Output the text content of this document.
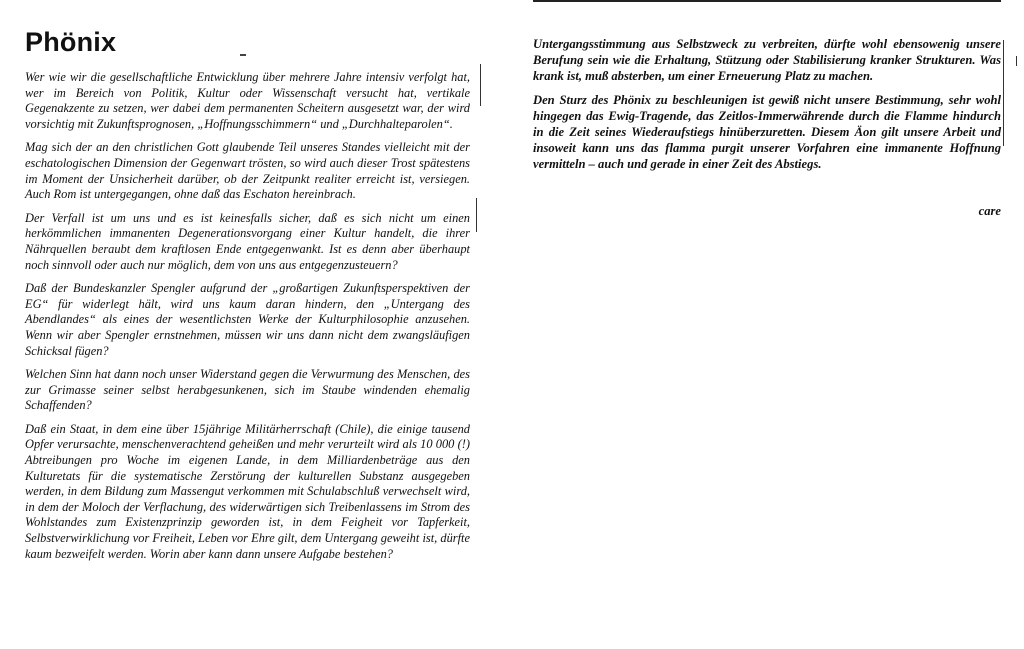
Phönix

Wer wie wir die gesellschaftliche Entwicklung über mehrere Jahre intensiv verfolgt hat, wer im Bereich von Politik, Kultur oder Wissenschaft versucht hat, vertikale Gegenakzente zu setzen, wer dabei dem permanenten Scheitern ausgesetzt war, der wird vorsichtig mit Zukunftsprognosen, „Hoffnungsschimmern“ und „Durchhalteparolen“.

Mag sich der an den christlichen Gott glaubende Teil unseres Standes vielleicht mit der eschatologischen Dimension der Gegenwart trösten, so wird auch dieser Trost spätestens im Moment der Unsicherheit darüber, ob der Zeitpunkt realiter erreicht ist, versiegen. Auch Rom ist untergegangen, ohne daß das Eschaton hereinbrach.

Der Verfall ist um uns und es ist keinesfalls sicher, daß es sich nicht um einen herkömmlichen immanenten Degenerationsvorgang einer Kultur handelt, die ihrer Nährquellen beraubt dem kraftlosen Ende entgegenwankt. Ist es denn aber überhaupt noch sinnvoll oder auch nur möglich, dem von uns aus entgegenzusteuern?

Daß der Bundeskanzler Spengler aufgrund der „großartigen Zukunftsperspektiven der EG“ für widerlegt hält, wird uns kaum daran hindern, den „Untergang des Abendlandes“ als eines der wesentlichsten Werke der Kulturphilosophie anzusehen. Wenn wir aber Spengler ernstnehmen, müssen wir uns dann nicht dem zwangsläufigen Schicksal fügen?

Welchen Sinn hat dann noch unser Widerstand gegen die Verwurmung des Menschen, des zur Grimasse seiner selbst herabgesunkenen, sich im Staube windenden ehemalig Schaffenden?

Daß ein Staat, in dem eine über 15jährige Militärherrschaft (Chile), die einige tausend Opfer verursachte, menschenverachtend geheißen und mehr verurteilt wird als 10 000 (!) Abtreibungen pro Woche im eigenen Lande, in dem Milliardenbeträge aus den Kulturetats für die systematische Zerstörung der kulturellen Substanz ausgegeben werden, in dem Bildung zum Massengut verkommen mit Schulabschluß verwechselt wird, in dem der Moloch der Verflachung, des widerwärtigen sich Treibenlassens im Strom des Wohlstandes zum Existenzprinzip geworden ist, in dem Feigheit vor Tapferkeit, Selbstverwirklichung vor Freiheit, Leben vor Ehre gilt, dem Untergang geweiht ist, dürfte kaum bezweifelt werden. Worin aber kann dann unsere Aufgabe bestehen?

Untergangsstimmung aus Selbstzweck zu verbreiten, dürfte wohl ebensowenig unsere Berufung sein wie die Erhaltung, Stützung oder Stabilisierung kranker Strukturen. Was krank ist, muß absterben, um einer Erneuerung Platz zu machen.

Den Sturz des Phönix zu beschleunigen ist gewiß nicht unsere Bestimmung, sehr wohl hingegen das Ewig-Tragende, das Zeitlos-Immerwährende durch die Flamme hindurch in die Zeit seines Wiederaufstiegs hinüberzuretten. Diesem Äon gilt unsere Arbeit und insoweit kann uns das flamma purgit unserer Vorfahren eine immanente Hoffnung vermitteln – auch und gerade in einer Zeit des Abstiegs.

care
